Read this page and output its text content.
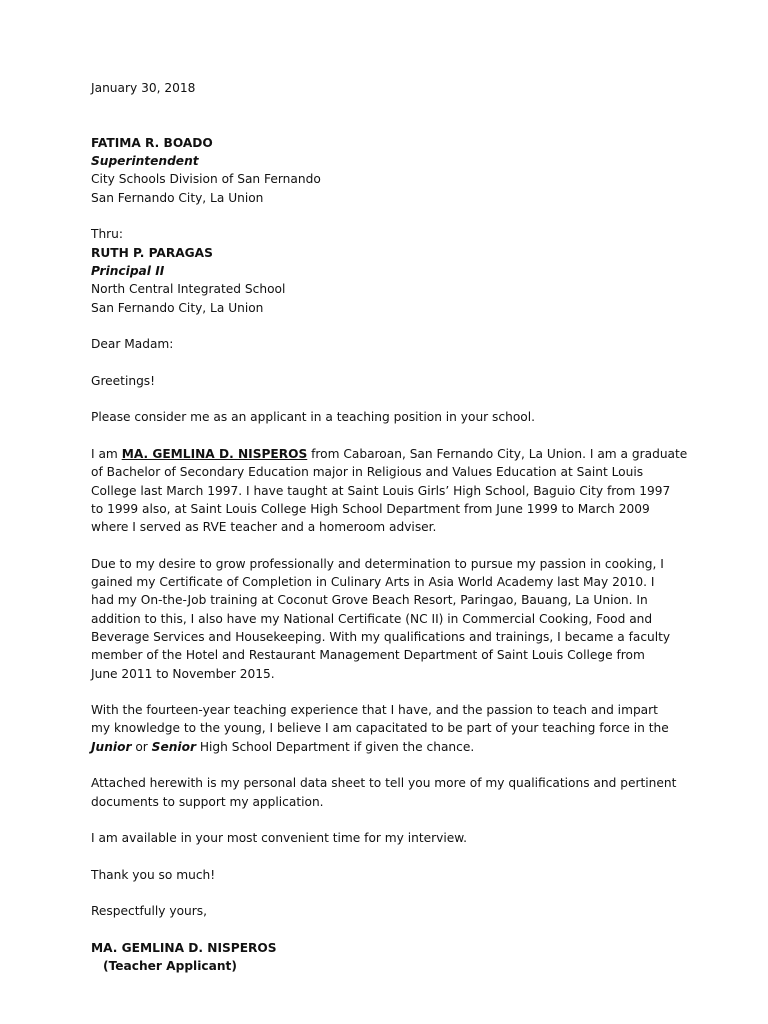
January 30, 2018
FATIMA R. BOADO
Superintendent
City Schools Division of San Fernando
San Fernando City, La Union
Thru:
RUTH P. PARAGAS
Principal II
North Central Integrated School
San Fernando City, La Union
Dear Madam:
Greetings!
Please consider me as an applicant in a teaching position in your school.
I am MA. GEMLINA D. NISPEROS from Cabaroan, San Fernando City, La Union. I am a graduate
of Bachelor of Secondary Education major in Religious and Values Education at Saint Louis
College last March 1997. I have taught at Saint Louis Girls’ High School, Baguio City from 1997
to 1999 also, at Saint Louis College High School Department from June 1999 to March 2009
where I served as RVE teacher and a homeroom adviser.
Due to my desire to grow professionally and determination to pursue my passion in cooking, I
gained my Certificate of Completion in Culinary Arts in Asia World Academy last May 2010. I
had my On-the-Job training at Coconut Grove Beach Resort, Paringao, Bauang, La Union. In
addition to this, I also have my National Certificate (NC II) in Commercial Cooking, Food and
Beverage Services and Housekeeping. With my qualifications and trainings, I became a faculty
member of the Hotel and Restaurant Management Department of Saint Louis College from
June 2011 to November 2015.
With the fourteen-year teaching experience that I have, and the passion to teach and impart
my knowledge to the young, I believe I am capacitated to be part of your teaching force in the
Junior or Senior High School Department if given the chance.
Attached herewith is my personal data sheet to tell you more of my qualifications and pertinent
documents to support my application.
I am available in your most convenient time for my interview.
Thank you so much!
Respectfully yours,
MA. GEMLINA D. NISPEROS
(Teacher Applicant)
